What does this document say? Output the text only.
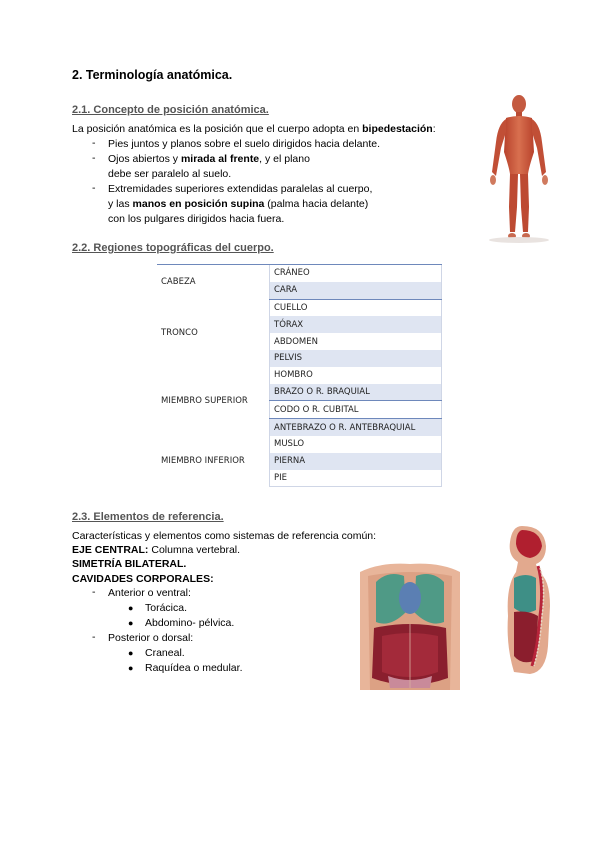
2. Terminología anatómica.

2.1. Concepto de posición anatómica.

La posición anatómica es la posición que el cuerpo adopta en bipedestación:
- Pies juntos y planos sobre el suelo dirigidos hacia delante.
- Ojos abiertos y mirada al frente, y el plano
debe ser paralelo al suelo.
- Extremidades superiores extendidas paralelas al cuerpo,
y las manos en posición supina (palma hacia delante)
con los pulgares dirigidos hacia fuera.

2.2. Regiones topográficas del cuerpo.

CABEZA	CRÁNEO
	CARA
TRONCO	CUELLO
	TÓRAX
	ABDOMEN
	PELVIS
MIEMBRO SUPERIOR	HOMBRO
	BRAZO O R. BRAQUIAL
	CODO O R. CUBITAL
	ANTEBRAZO O R. ANTEBRAQUIAL
MIEMBRO INFERIOR	MUSLO
	PIERNA
	PIE

2.3. Elementos de referencia.

Características y elementos como sistemas de referencia común:
EJE CENTRAL: Columna vertebral.
SIMETRÍA BILATERAL.
CAVIDADES CORPORALES:
- Anterior o ventral:
● Torácica.
● Abdomino- pélvica.
- Posterior o dorsal:
● Craneal.
● Raquídea o medular.
